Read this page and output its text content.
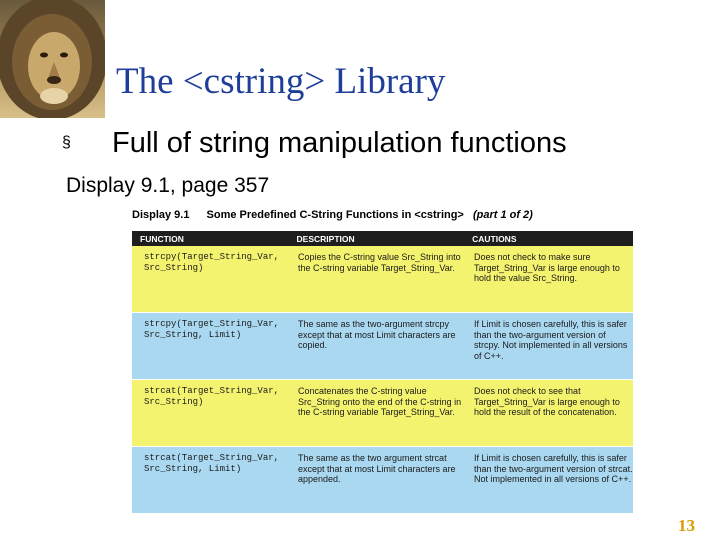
The <cstring> Library
§ Full of string manipulation functions
Display 9.1, page 357
Display 9.1 Some Predefined C-String Functions in <cstring> (part 1 of 2)
FUNCTION	DESCRIPTION	CAUTIONS
strcpy(Target_String_Var, Src_String)
Copies the C-string value Src_String into the C-string variable Target_String_Var.
Does not check to make sure Target_String_Var is large enough to hold the value Src_String.
strcpy(Target_String_Var, Src_String, Limit)
The same as the two-argument strcpy except that at most Limit characters are copied.
If Limit is chosen carefully, this is safer than the two-argument version of strcpy. Not implemented in all versions of C++.
strcat(Target_String_Var, Src_String)
Concatenates the C-string value Src_String onto the end of the C-string in the C-string variable Target_String_Var.
Does not check to see that Target_String_Var is large enough to hold the result of the concatenation.
strcat(Target_String_Var, Src_String, Limit)
The same as the two argument strcat except that at most Limit characters are appended.
If Limit is chosen carefully, this is safer than the two-argument version of strcat. Not implemented in all versions of C++.
13
